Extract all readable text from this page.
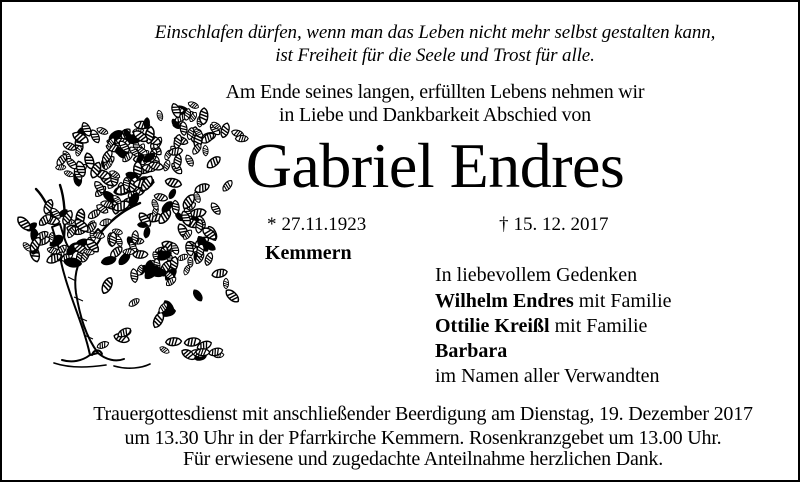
Einschlafen dürfen, wenn man das Leben nicht mehr selbst gestalten kann,
ist Freiheit für die Seele und Trost für alle.
Am Ende seines langen, erfüllten Lebens nehmen wir
in Liebe und Dankbarkeit Abschied von
Gabriel Endres
* 27.11.1923	† 15. 12. 2017
Kemmern
In liebevollem Gedenken
Wilhelm Endres mit Familie
Ottilie Kreißl mit Familie
Barbara
im Namen aller Verwandten
Trauergottesdienst mit anschließender Beerdigung am Dienstag, 19. Dezember 2017
um 13.30 Uhr in der Pfarrkirche Kemmern. Rosenkranzgebet um 13.00 Uhr.
Für erwiesene und zugedachte Anteilnahme herzlichen Dank.
